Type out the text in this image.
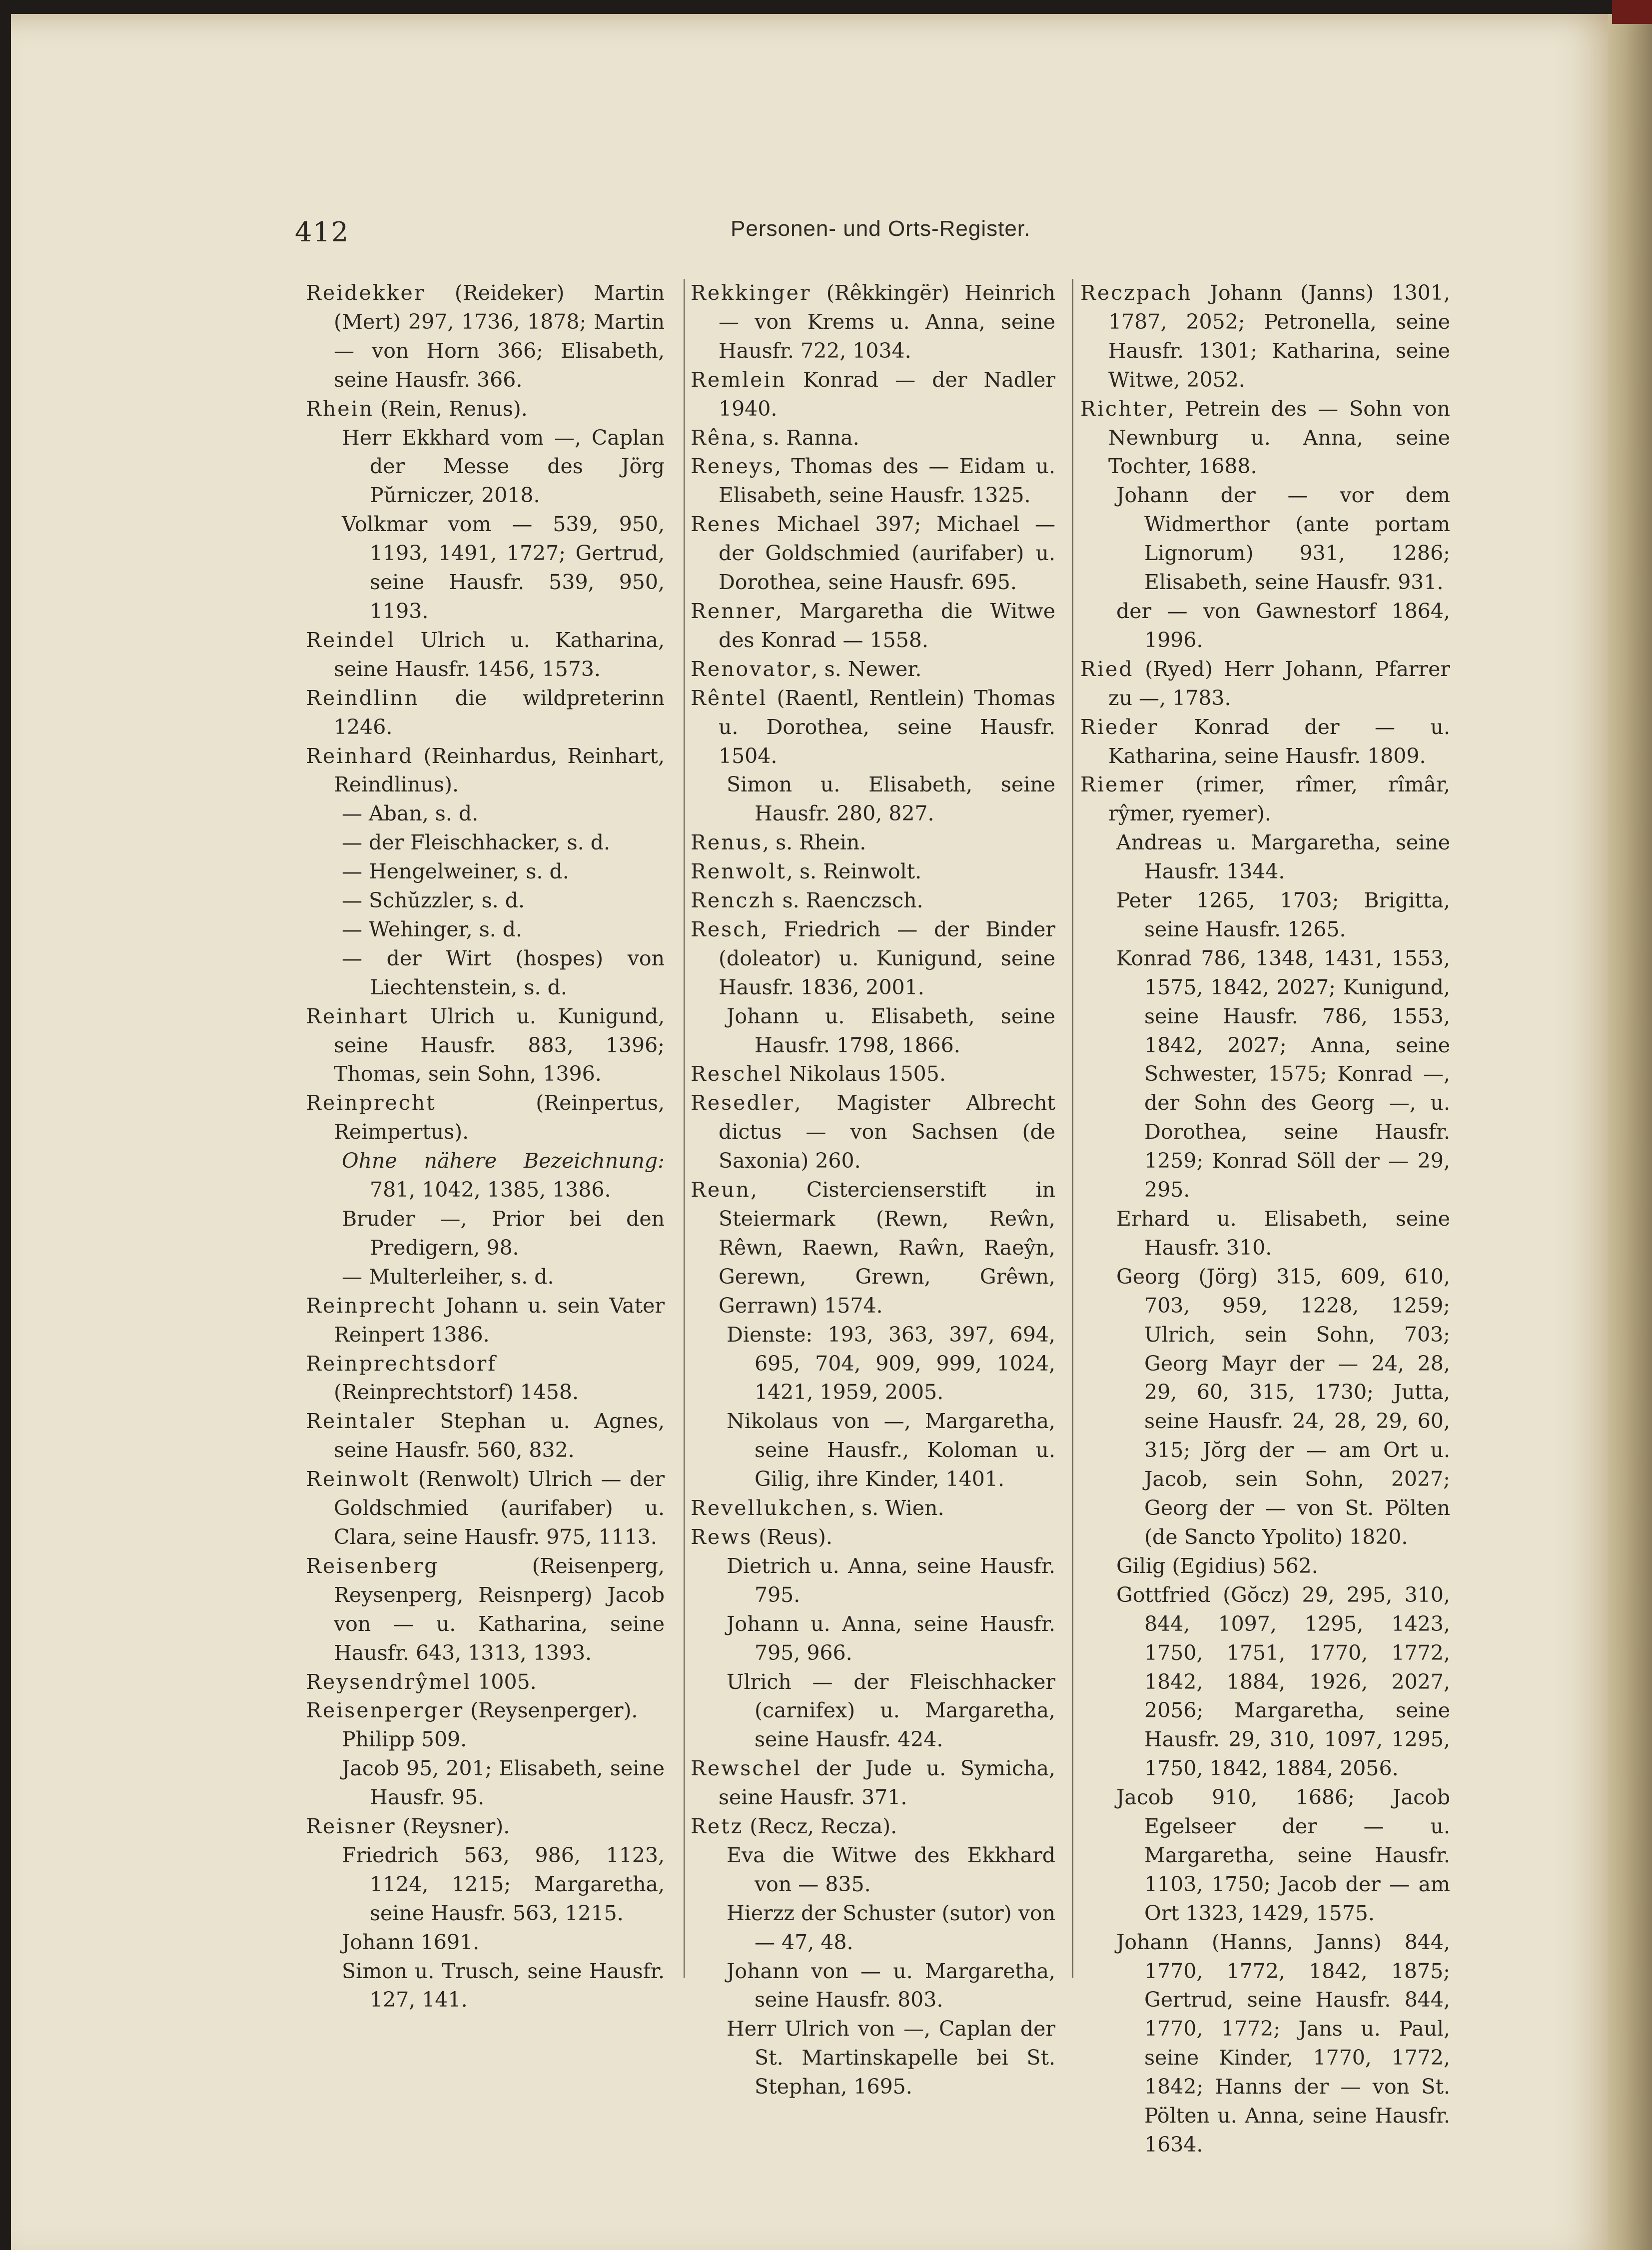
412	Personen- und Orts-Register.
Reidekker (Reideker) Martin (Mert) 297, 1736, 1878; Martin — von Horn 366; Elisabeth, seine Hausfr. 366.
Rhein (Rein, Renus).
Herr Ekkhard vom —, Caplan der Messe des Jörg Pŭrniczer, 2018.
Volkmar vom — 539, 950, 1193, 1491, 1727; Gertrud, seine Hausfr. 539, 950, 1193.
Reindel Ulrich u. Katharina, seine Hausfr. 1456, 1573.
Reindlinn die wildpreterinn 1246.
Reinhard (Reinhardus, Reinhart, Reindlinus).
— Aban, s. d.
— der Fleischhacker, s. d.
— Hengelweiner, s. d.
— Schŭzzler, s. d.
— Wehinger, s. d.
— der Wirt (hospes) von Liechtenstein, s. d.
Reinhart Ulrich u. Kunigund, seine Hausfr. 883, 1396; Thomas, sein Sohn, 1396.
Reinprecht (Reinpertus, Reimpertus).
Ohne nähere Bezeichnung: 781, 1042, 1385, 1386.
Bruder —, Prior bei den Predigern, 98.
— Multerleiher, s. d.
Reinprecht Johann u. sein Vater Reinpert 1386.
Reinprechtsdorf (Reinprechtstorf) 1458.
Reintaler Stephan u. Agnes, seine Hausfr. 560, 832.
Reinwolt (Renwolt) Ulrich — der Goldschmied (aurifaber) u. Clara, seine Hausfr. 975, 1113.
Reisenberg (Reisenperg, Reysenperg, Reisnperg) Jacob von — u. Katharina, seine Hausfr. 643, 1313, 1393.
Reysendrŷmel 1005.
Reisenperger (Reysenperger).
Philipp 509.
Jacob 95, 201; Elisabeth, seine Hausfr. 95.
Reisner (Reysner).
Friedrich 563, 986, 1123, 1124, 1215; Margaretha, seine Hausfr. 563, 1215.
Johann 1691.
Simon u. Trusch, seine Hausfr. 127, 141.
Rekkinger (Rêkkingër) Heinrich — von Krems u. Anna, seine Hausfr. 722, 1034.
Remlein Konrad — der Nadler 1940.
Rêna, s. Ranna.
Reneys, Thomas des — Eidam u. Elisabeth, seine Hausfr. 1325.
Renes Michael 397; Michael — der Goldschmied (aurifaber) u. Dorothea, seine Hausfr. 695.
Renner, Margaretha die Witwe des Konrad — 1558.
Renovator, s. Newer.
Rêntel (Raentl, Rentlein) Thomas u. Dorothea, seine Hausfr. 1504.
Simon u. Elisabeth, seine Hausfr. 280, 827.
Renus, s. Rhein.
Renwolt, s. Reinwolt.
Renczh s. Raenczsch.
Resch, Friedrich — der Binder (doleator) u. Kunigund, seine Hausfr. 1836, 2001.
Johann u. Elisabeth, seine Hausfr. 1798, 1866.
Reschel Nikolaus 1505.
Resedler, Magister Albrecht dictus — von Sachsen (de Saxonia) 260.
Reun, Cistercienserstift in Steiermark (Rewn, Reŵn, Rêwn, Raewn, Raŵn, Raeŷn, Gerewn, Grewn, Grêwn, Gerrawn) 1574.
Dienste: 193, 363, 397, 694, 695, 704, 909, 999, 1024, 1421, 1959, 2005.
Nikolaus von —, Margaretha, seine Hausfr., Koloman u. Gilig, ihre Kinder, 1401.
Revellukchen, s. Wien.
Rews (Reus).
Dietrich u. Anna, seine Hausfr. 795.
Johann u. Anna, seine Hausfr. 795, 966.
Ulrich — der Fleischhacker (carnifex) u. Margaretha, seine Hausfr. 424.
Rewschel der Jude u. Symicha, seine Hausfr. 371.
Retz (Recz, Recza).
Eva die Witwe des Ekkhard von — 835.
Hierzz der Schuster (sutor) von — 47, 48.
Johann von — u. Margaretha, seine Hausfr. 803.
Herr Ulrich von —, Caplan der St. Martinskapelle bei St. Stephan, 1695.
Reczpach Johann (Janns) 1301, 1787, 2052; Petronella, seine Hausfr. 1301; Katharina, seine Witwe, 2052.
Richter, Petrein des — Sohn von Newnburg u. Anna, seine Tochter, 1688.
Johann der — vor dem Widmerthor (ante portam Lignorum) 931, 1286; Elisabeth, seine Hausfr. 931.
der — von Gawnestorf 1864, 1996.
Ried (Ryed) Herr Johann, Pfarrer zu —, 1783.
Rieder Konrad der — u. Katharina, seine Hausfr. 1809.
Riemer (rimer, rîmer, rîmâr, rŷmer, ryemer).
Andreas u. Margaretha, seine Hausfr. 1344.
Peter 1265, 1703; Brigitta, seine Hausfr. 1265.
Konrad 786, 1348, 1431, 1553, 1575, 1842, 2027; Kunigund, seine Hausfr. 786, 1553, 1842, 2027; Anna, seine Schwester, 1575; Konrad —, der Sohn des Georg —, u. Dorothea, seine Hausfr. 1259; Konrad Söll der — 29, 295.
Erhard u. Elisabeth, seine Hausfr. 310.
Georg (Jörg) 315, 609, 610, 703, 959, 1228, 1259; Ulrich, sein Sohn, 703; Georg Mayr der — 24, 28, 29, 60, 315, 1730; Jutta, seine Hausfr. 24, 28, 29, 60, 315; Jŏrg der — am Ort u. Jacob, sein Sohn, 2027; Georg der — von St. Pölten (de Sancto Ypolito) 1820.
Gilig (Egidius) 562.
Gottfried (Gŏcz) 29, 295, 310, 844, 1097, 1295, 1423, 1750, 1751, 1770, 1772, 1842, 1884, 1926, 2027, 2056; Margaretha, seine Hausfr. 29, 310, 1097, 1295, 1750, 1842, 1884, 2056.
Jacob 910, 1686; Jacob Egelseer der — u. Margaretha, seine Hausfr. 1103, 1750; Jacob der — am Ort 1323, 1429, 1575.
Johann (Hanns, Janns) 844, 1770, 1772, 1842, 1875; Gertrud, seine Hausfr. 844, 1770, 1772; Jans u. Paul, seine Kinder, 1770, 1772, 1842; Hanns der — von St. Pölten u. Anna, seine Hausfr. 1634.
